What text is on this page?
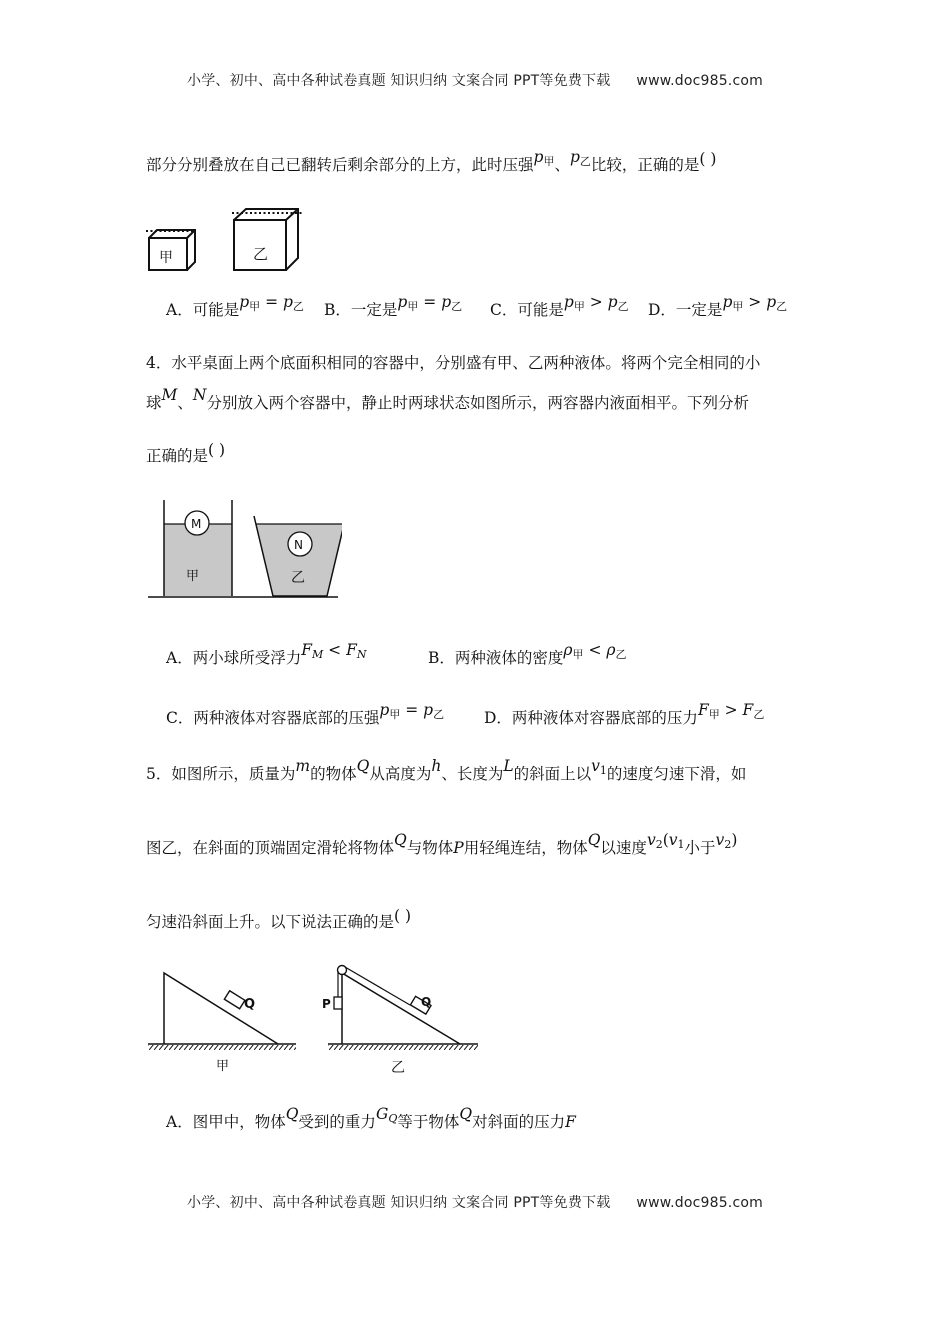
小学、初中、高中各种试卷真题 知识归纳 文案合同 PPT等免费下载 www.doc985.com
部分分别叠放在自己已翻转后剩余部分的上方，此时压强$p_甲$、$p_乙$比较，正确的是( )
甲	乙
A．可能是$p_甲 = p_乙$ B．一定是$p_甲 = p_乙$ C．可能是$p_甲 > p_乙$ D．一定是$p_甲 > p_乙$
4．水平桌面上两个底面积相同的容器中，分别盛有甲、乙两种液体。将两个完全相同的小
球M、N分别放入两个容器中，静止时两球状态如图所示，两容器内液面相平。下列分析
正确的是( )
M
甲
N
乙
A．两小球所受浮力$F_M < F_N$	B．两种液体的密度$\rho_甲 < \rho_乙$
C．两种液体对容器底部的压强$p_甲 = p_乙$	D．两种液体对容器底部的压力$F_甲 > F_乙$
5．如图所示，质量为m的物体Q从高度为h、长度为L的斜面上以$v_1$的速度匀速下滑，如
图乙，在斜面的顶端固定滑轮将物体Q与物体P用轻绳连结，物体Q以速度$v_2(v_1$小于$v_2$)
匀速沿斜面上升。以下说法正确的是( )
Q
甲
P	Q
乙
A．图甲中，物体Q受到的重力$G_Q$等于物体Q对斜面的压力F
小学、初中、高中各种试卷真题 知识归纳 文案合同 PPT等免费下载 www.doc985.com
